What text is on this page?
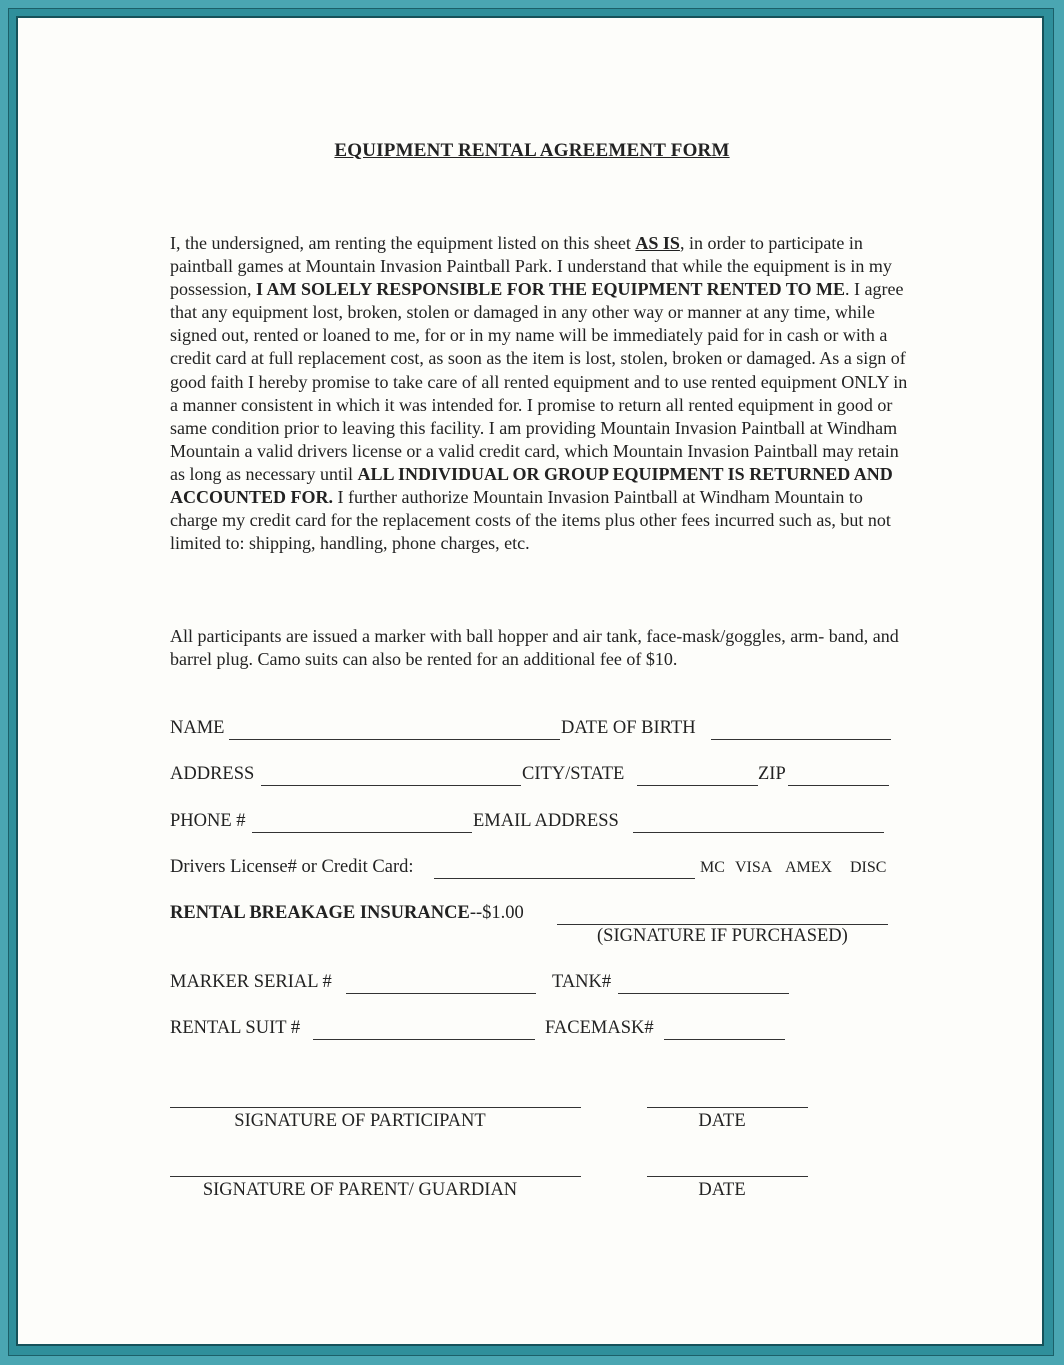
EQUIPMENT RENTAL AGREEMENT FORM
I, the undersigned, am renting the equipment listed on this sheet AS IS, in order to participate in paintball games at Mountain Invasion Paintball Park. I understand that while the equipment is in my possession, I AM SOLELY RESPONSIBLE FOR THE EQUIPMENT RENTED TO ME. I agree that any equipment lost, broken, stolen or damaged in any other way or manner at any time, while signed out, rented or loaned to me, for or in my name will be immediately paid for in cash or with a credit card at full replacement cost, as soon as the item is lost, stolen, broken or damaged. As a sign of good faith I hereby promise to take care of all rented equipment and to use rented equipment ONLY in a manner consistent in which it was intended for. I promise to return all rented equipment in good or same condition prior to leaving this facility. I am providing Mountain Invasion Paintball at Windham Mountain a valid drivers license or a valid credit card, which Mountain Invasion Paintball may retain as long as necessary until ALL INDIVIDUAL OR GROUP EQUIPMENT IS RETURNED AND ACCOUNTED FOR. I further authorize Mountain Invasion Paintball at Windham Mountain to charge my credit card for the replacement costs of the items plus other fees incurred such as, but not limited to: shipping, handling, phone charges, etc.
All participants are issued a marker with ball hopper and air tank, face-mask/goggles, arm- band, and barrel plug. Camo suits can also be rented for an additional fee of $10.
NAME	DATE OF BIRTH
ADDRESS	CITY/STATE	ZIP
PHONE #	EMAIL ADDRESS
Drivers License# or Credit Card:	MC VISA AMEX DISC
RENTAL BREAKAGE INSURANCE--$1.00
(SIGNATURE IF PURCHASED)
MARKER SERIAL #	TANK#
RENTAL SUIT #	FACEMASK#
SIGNATURE OF PARTICIPANT	DATE
SIGNATURE OF PARENT/ GUARDIAN	DATE
